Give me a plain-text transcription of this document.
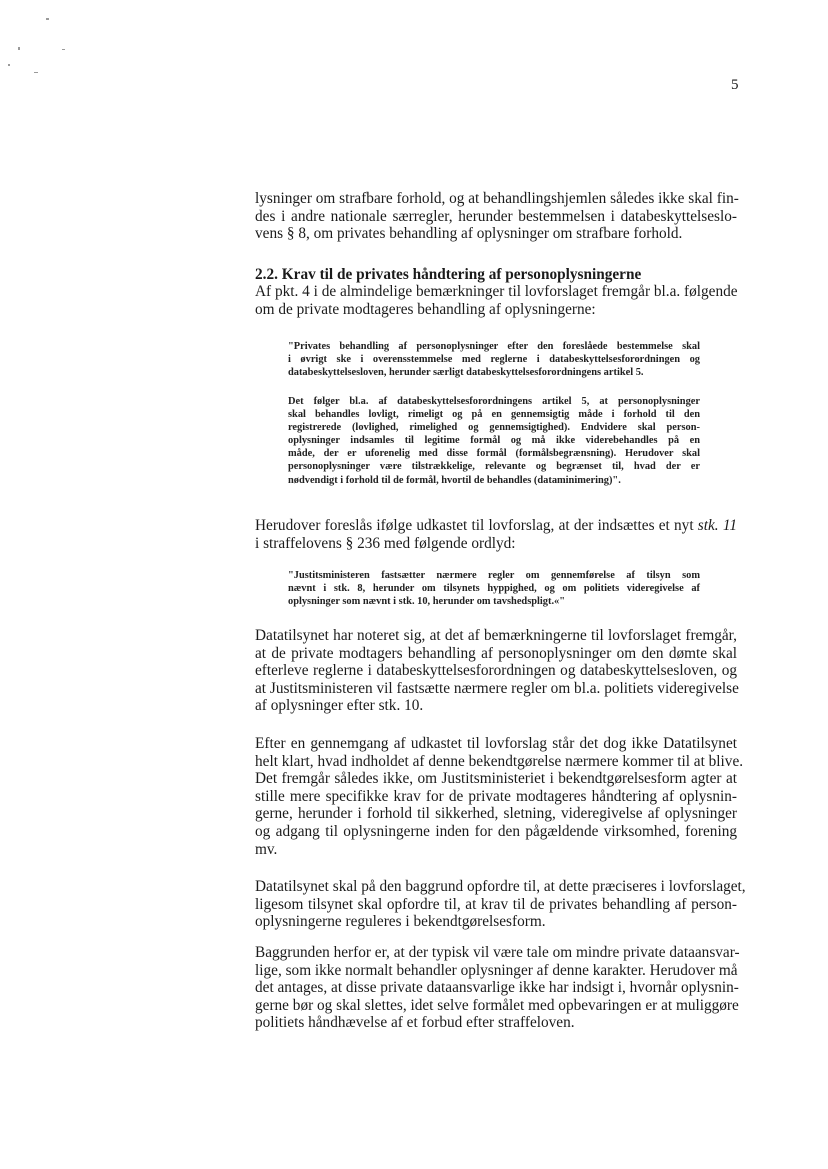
5

lysninger om strafbare forhold, og at behandlingshjemlen således ikke skal fin-
des i andre nationale særregler, herunder bestemmelsen i databeskyttelseslo-
vens § 8, om privates behandling af oplysninger om strafbare forhold.

2.2. Krav til de privates håndtering af personoplysningerne

Af pkt. 4 i de almindelige bemærkninger til lovforslaget fremgår bl.a. følgende
om de private modtageres behandling af oplysningerne:

"Privates behandling af personoplysninger efter den foreslåede bestemmelse skal
i øvrigt ske i overensstemmelse med reglerne i databeskyttelsesforordningen og
databeskyttelsesloven, herunder særligt databeskyttelsesforordningens artikel 5.

Det følger bl.a. af databeskyttelsesforordningens artikel 5, at personoplysninger
skal behandles lovligt, rimeligt og på en gennemsigtig måde i forhold til den
registrerede (lovlighed, rimelighed og gennemsigtighed). Endvidere skal person-
oplysninger indsamles til legitime formål og må ikke viderebehandles på en
måde, der er uforenelig med disse formål (formålsbegrænsning). Herudover skal
personoplysninger være tilstrækkelige, relevante og begrænset til, hvad der er
nødvendigt i forhold til de formål, hvortil de behandles (dataminimering)".

Herudover foreslås ifølge udkastet til lovforslag, at der indsættes et nyt stk. 11
i straffelovens § 236 med følgende ordlyd:

"Justitsministeren fastsætter nærmere regler om gennemførelse af tilsyn som
nævnt i stk. 8, herunder om tilsynets hyppighed, og om politiets videregivelse af
oplysninger som nævnt i stk. 10, herunder om tavshedspligt.«"

Datatilsynet har noteret sig, at det af bemærkningerne til lovforslaget fremgår,
at de private modtagers behandling af personoplysninger om den dømte skal
efterleve reglerne i databeskyttelsesforordningen og databeskyttelsesloven, og
at Justitsministeren vil fastsætte nærmere regler om bl.a. politiets videregivelse
af oplysninger efter stk. 10.

Efter en gennemgang af udkastet til lovforslag står det dog ikke Datatilsynet
helt klart, hvad indholdet af denne bekendtgørelse nærmere kommer til at blive.
Det fremgår således ikke, om Justitsministeriet i bekendtgørelsesform agter at
stille mere specifikke krav for de private modtageres håndtering af oplysnin-
gerne, herunder i forhold til sikkerhed, sletning, videregivelse af oplysninger
og adgang til oplysningerne inden for den pågældende virksomhed, forening
mv.

Datatilsynet skal på den baggrund opfordre til, at dette præciseres i lovforslaget,
ligesom tilsynet skal opfordre til, at krav til de privates behandling af person-
oplysningerne reguleres i bekendtgørelsesform.

Baggrunden herfor er, at der typisk vil være tale om mindre private dataansvar-
lige, som ikke normalt behandler oplysninger af denne karakter. Herudover må
det antages, at disse private dataansvarlige ikke har indsigt i, hvornår oplysnin-
gerne bør og skal slettes, idet selve formålet med opbevaringen er at muliggøre
politiets håndhævelse af et forbud efter straffeloven.
